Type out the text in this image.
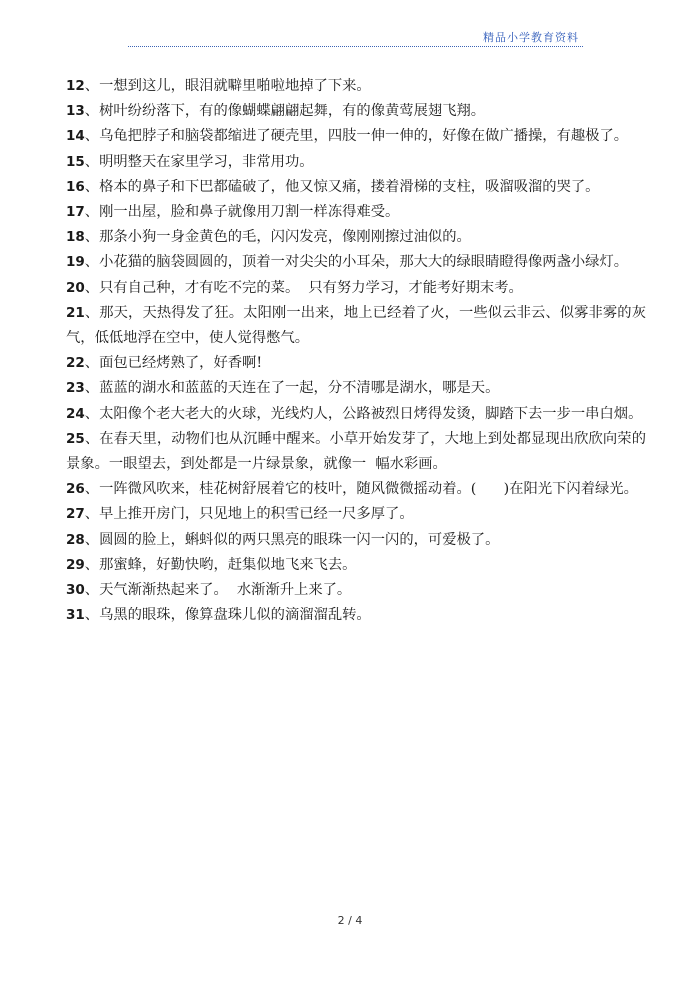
精品小学教育资料

12、一想到这儿，眼泪就噼里啪啦地掉了下来。

13、树叶纷纷落下，有的像蝴蝶翩翩起舞，有的像黄莺展翅飞翔。

14、乌龟把脖子和脑袋都缩进了硬壳里，四肢一伸一伸的，好像在做广播操，有趣极了。

15、明明整天在家里学习，非常用功。

16、格本的鼻子和下巴都磕破了，他又惊又痛，搂着滑梯的支柱，吸溜吸溜的哭了。

17、刚一出屋，脸和鼻子就像用刀割一样冻得难受。

18、那条小狗一身金黄色的毛，闪闪发亮，像刚刚擦过油似的。

19、小花猫的脑袋圆圆的，顶着一对尖尖的小耳朵，那大大的绿眼睛瞪得像两盏小绿灯。

20、只有自己种，才有吃不完的菜。  只有努力学习，才能考好期末考。

21、那天，天热得发了狂。太阳刚一出来，地上已经着了火，一些似云非云、似雾非雾的灰气，低低地浮在空中，使人觉得憋气。

22、面包已经烤熟了，好香啊!

23、蓝蓝的湖水和蓝蓝的天连在了一起，分不清哪是湖水，哪是天。

24、太阳像个老大老大的火球，光线灼人，公路被烈日烤得发烫，脚踏下去一步一串白烟。

25、在春天里，动物们也从沉睡中醒来。小草开始发芽了，大地上到处都显现出欣欣向荣的景象。一眼望去，到处都是一片绿景象，就像一  幅水彩画。

26、一阵微风吹来，桂花树舒展着它的枝叶，随风微微摇动着。(      )在阳光下闪着绿光。

27、早上推开房门，只见地上的积雪已经一尺多厚了。

28、圆圆的脸上，蝌蚪似的两只黑亮的眼珠一闪一闪的，可爱极了。

29、那蜜蜂，好勤快哟，赶集似地飞来飞去。

30、天气渐渐热起来了。  水渐渐升上来了。

31、乌黑的眼珠，像算盘珠儿似的滴溜溜乱转。

2 / 4
